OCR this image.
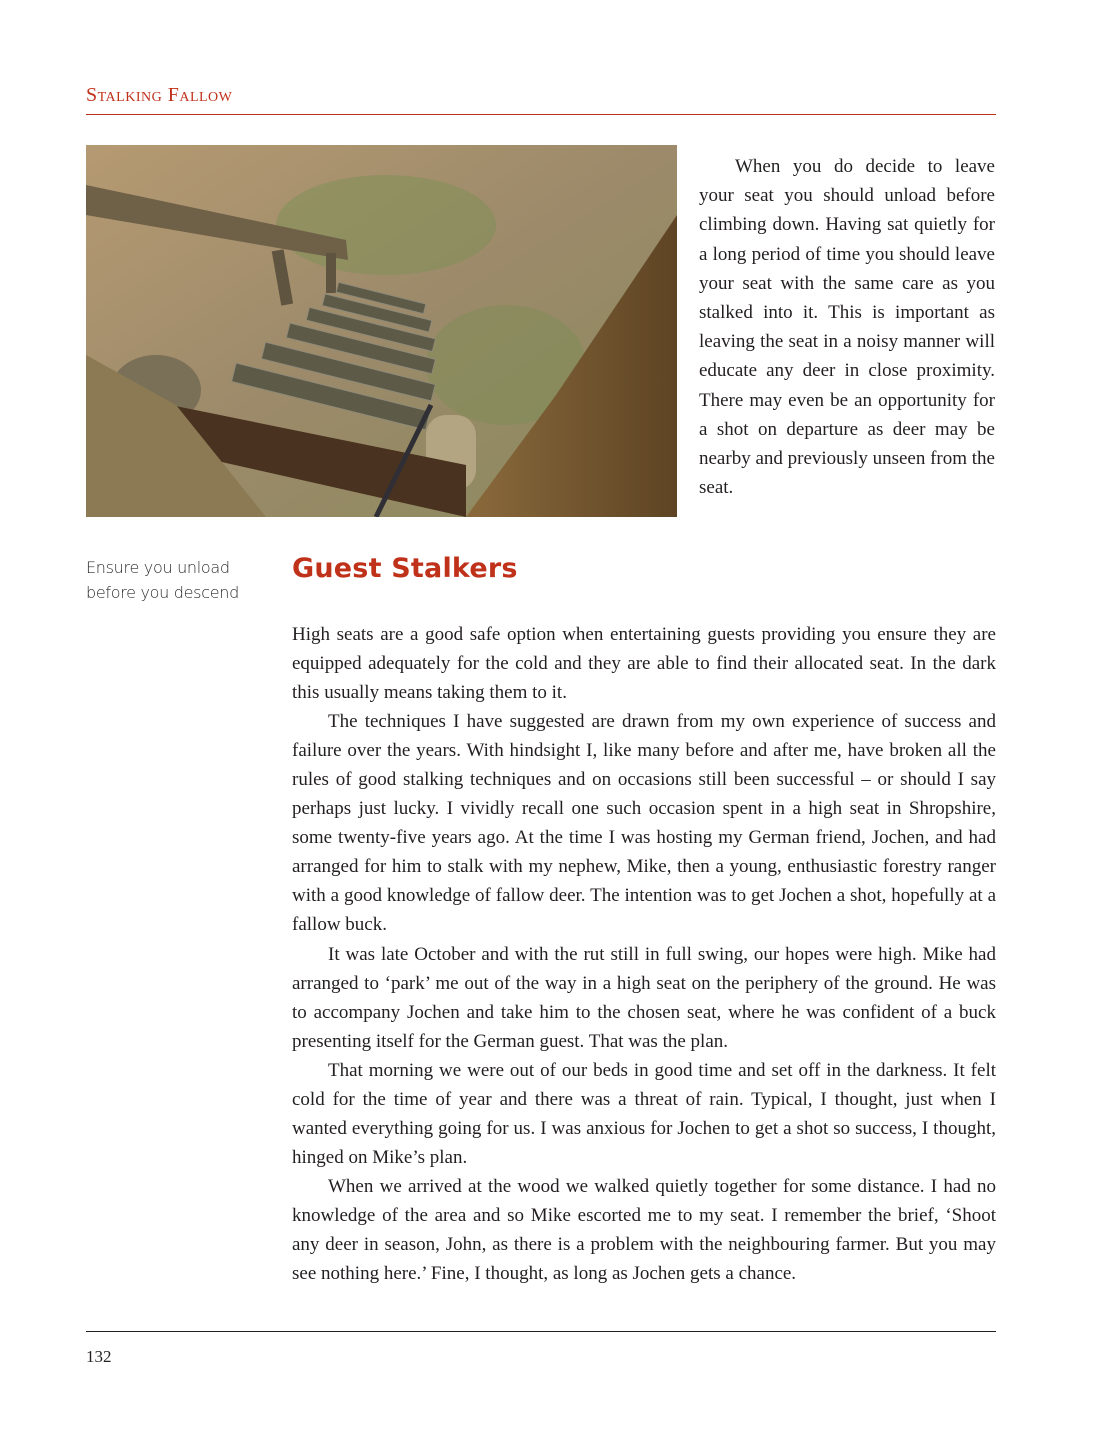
Stalking Fallow
When you do decide to leave your seat you should unload before climbing down. Having sat quietly for a long period of time you should leave your seat with the same care as you stalked into it. This is important as leaving the seat in a noisy manner will educate any deer in close proximity. There may even be an opportunity for a shot on departure as deer may be nearby and previously unseen from the seat.
Ensure you unload
before you descend
Guest Stalkers

High seats are a good safe option when entertaining guests providing you ensure they are equipped adequately for the cold and they are able to find their allocated seat. In the dark this usually means taking them to it.

The techniques I have suggested are drawn from my own experience of success and failure over the years. With hindsight I, like many before and after me, have broken all the rules of good stalking techniques and on occasions still been successful – or should I say perhaps just lucky. I vividly recall one such occasion spent in a high seat in Shropshire, some twenty-five years ago. At the time I was hosting my German friend, Jochen, and had arranged for him to stalk with my nephew, Mike, then a young, enthusiastic forestry ranger with a good knowledge of fallow deer. The intention was to get Jochen a shot, hopefully at a fallow buck.

It was late October and with the rut still in full swing, our hopes were high. Mike had arranged to ‘park’ me out of the way in a high seat on the periphery of the ground. He was to accompany Jochen and take him to the chosen seat, where he was confident of a buck presenting itself for the German guest. That was the plan.

That morning we were out of our beds in good time and set off in the darkness. It felt cold for the time of year and there was a threat of rain. Typical, I thought, just when I wanted everything going for us. I was anxious for Jochen to get a shot so success, I thought, hinged on Mike’s plan.

When we arrived at the wood we walked quietly together for some distance. I had no knowledge of the area and so Mike escorted me to my seat. I remember the brief, ‘Shoot any deer in season, John, as there is a problem with the neighbouring farmer. But you may see nothing here.’ Fine, I thought, as long as Jochen gets a chance.

132
